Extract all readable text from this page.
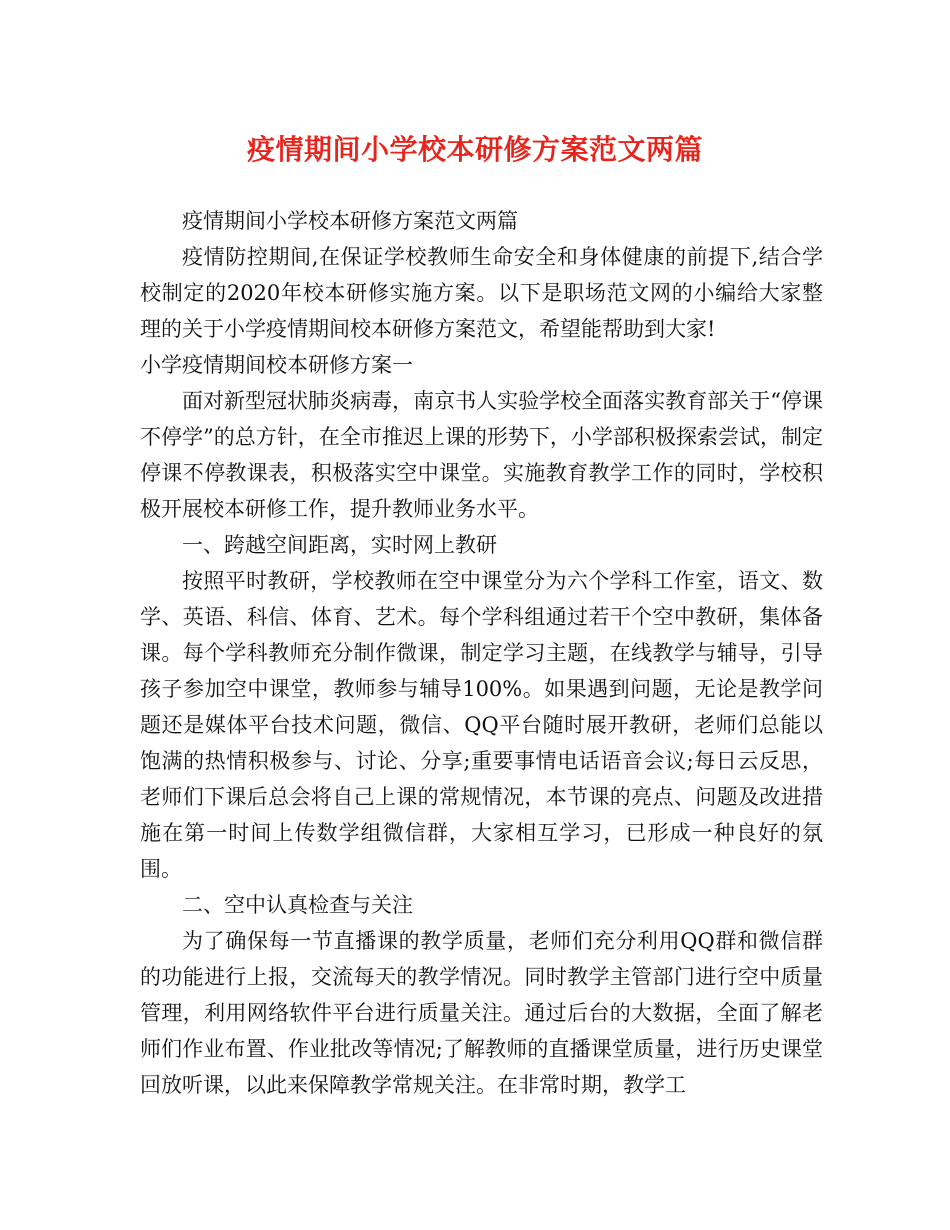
疫情期间小学校本研修方案范文两篇

疫情期间小学校本研修方案范文两篇

疫情防控期间,在保证学校教师生命安全和身体健康的前提下,结合学校制定的2020年校本研修实施方案。以下是职场范文网的小编给大家整理的关于小学疫情期间校本研修方案范文，希望能帮助到大家!

小学疫情期间校本研修方案一

面对新型冠状肺炎病毒，南京书人实验学校全面落实教育部关于“停课不停学”的总方针，在全市推迟上课的形势下，小学部积极探索尝试，制定停课不停教课表，积极落实空中课堂。实施教育教学工作的同时，学校积极开展校本研修工作，提升教师业务水平。

一、跨越空间距离，实时网上教研

按照平时教研，学校教师在空中课堂分为六个学科工作室，语文、数学、英语、科信、体育、艺术。每个学科组通过若干个空中教研，集体备课。每个学科教师充分制作微课，制定学习主题，在线教学与辅导，引导孩子参加空中课堂，教师参与辅导100%。如果遇到问题，无论是教学问题还是媒体平台技术问题，微信、QQ平台随时展开教研，老师们总能以饱满的热情积极参与、讨论、分享;重要事情电话语音会议;每日云反思，老师们下课后总会将自己上课的常规情况，本节课的亮点、问题及改进措施在第一时间上传数学组微信群，大家相互学习，已形成一种良好的氛围。

二、空中认真检查与关注

为了确保每一节直播课的教学质量，老师们充分利用QQ群和微信群的功能进行上报，交流每天的教学情况。同时教学主管部门进行空中质量管理，利用网络软件平台进行质量关注。通过后台的大数据，全面了解老师们作业布置、作业批改等情况;了解教师的直播课堂质量，进行历史课堂回放听课，以此来保障教学常规关注。在非常时期，教学工
